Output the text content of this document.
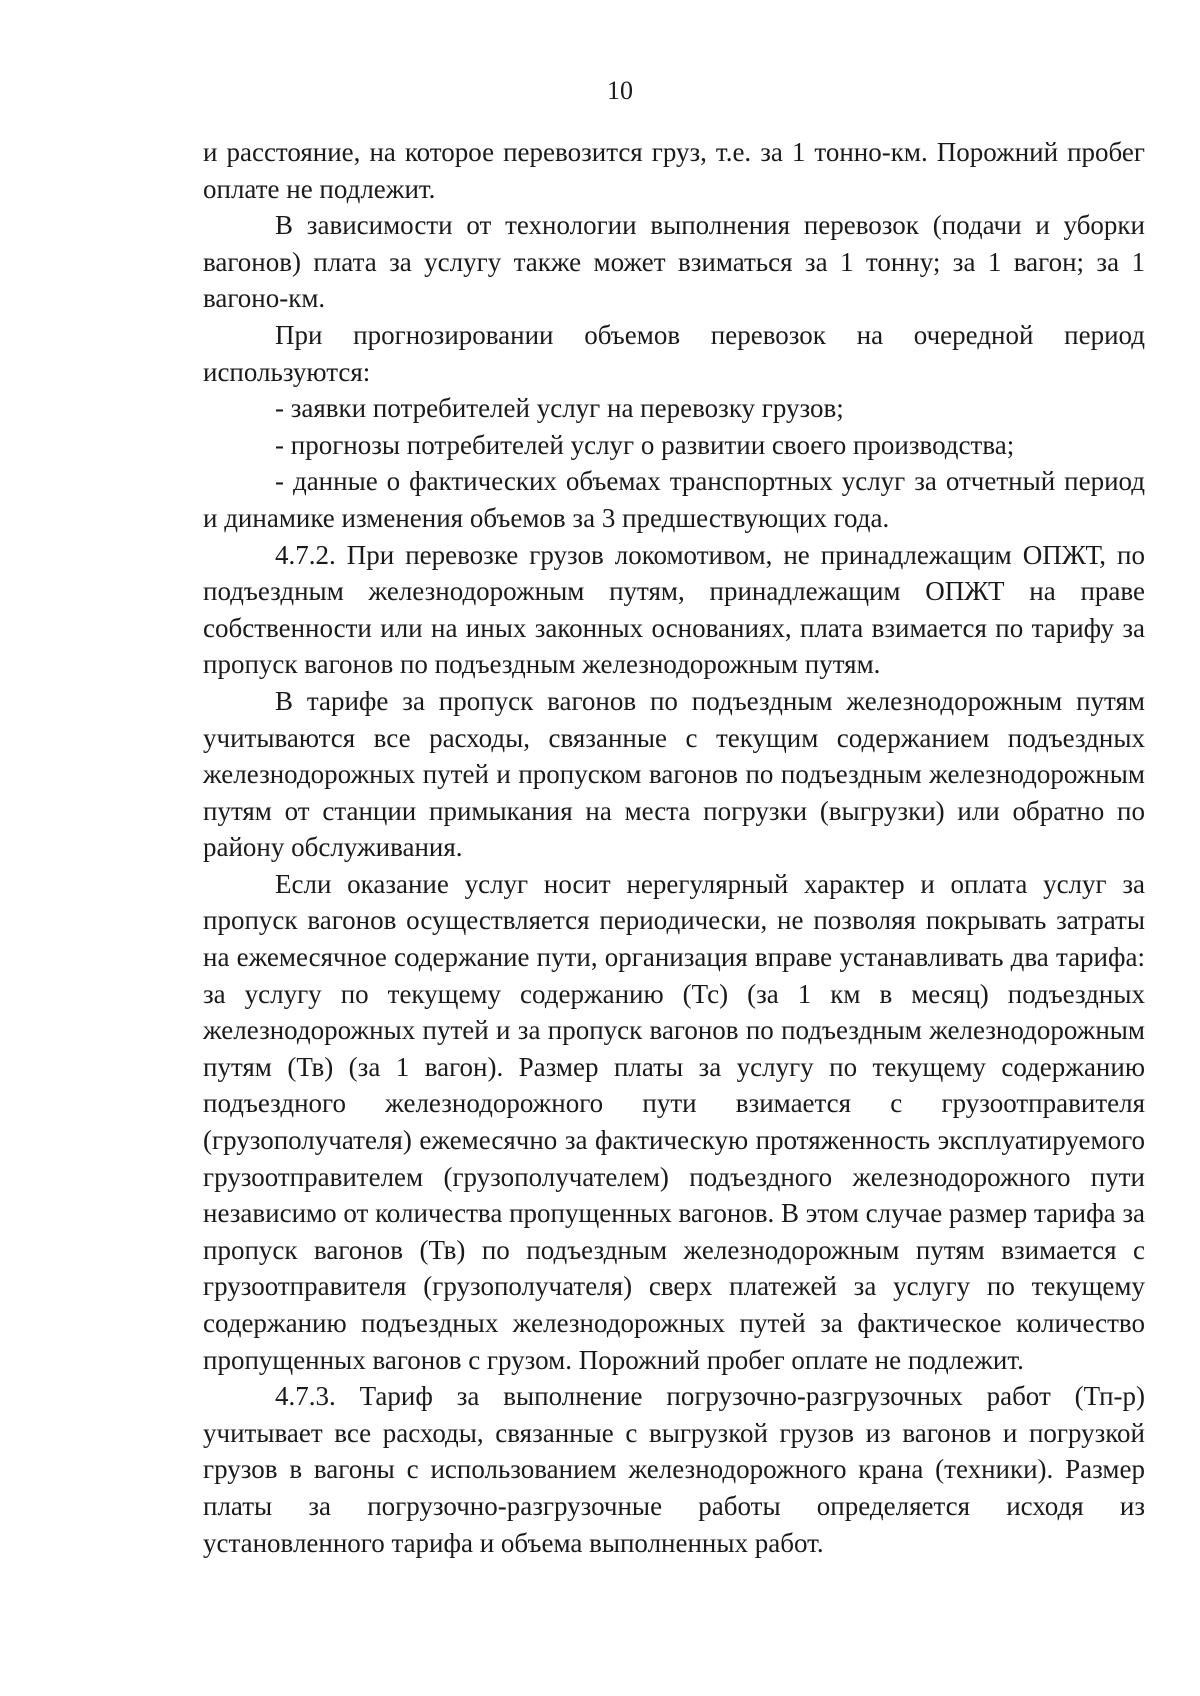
10

и расстояние, на которое перевозится груз, т.е. за 1 тонно-км. Порожний пробег оплате не подлежит.

В зависимости от технологии выполнения перевозок (подачи и уборки вагонов) плата за услугу также может взиматься за 1 тонну; за 1 вагон; за 1 вагоно-км.

При прогнозировании объемов перевозок на очередной период используются:

- заявки потребителей услуг на перевозку грузов;

- прогнозы потребителей услуг о развитии своего производства;

- данные о фактических объемах транспортных услуг за отчетный период и динамике изменения объемов за 3 предшествующих года.

4.7.2. При перевозке грузов локомотивом, не принадлежащим ОПЖТ, по подъездным железнодорожным путям, принадлежащим ОПЖТ на праве собственности или на иных законных основаниях, плата взимается по тарифу за пропуск вагонов по подъездным железнодорожным путям.

В тарифе за пропуск вагонов по подъездным железнодорожным путям учитываются все расходы, связанные с текущим содержанием подъездных железнодорожных путей и пропуском вагонов по подъездным железнодорожным путям от станции примыкания на места погрузки (выгрузки) или обратно по району обслуживания.

Если оказание услуг носит нерегулярный характер и оплата услуг за пропуск вагонов осуществляется периодически, не позволяя покрывать затраты на ежемесячное содержание пути, организация вправе устанавливать два тарифа: за услугу по текущему содержанию (Тс) (за 1 км в месяц) подъездных железнодорожных путей и за пропуск вагонов по подъездным железнодорожным путям (Тв) (за 1 вагон). Размер платы за услугу по текущему содержанию подъездного железнодорожного пути взимается с грузоотправителя (грузополучателя) ежемесячно за фактическую протяженность эксплуатируемого грузоотправителем (грузополучателем) подъездного железнодорожного пути независимо от количества пропущенных вагонов. В этом случае размер тарифа за пропуск вагонов (Тв) по подъездным железнодорожным путям взимается с грузоотправителя (грузополучателя) сверх платежей за услугу по текущему содержанию подъездных железнодорожных путей за фактическое количество пропущенных вагонов с грузом. Порожний пробег оплате не подлежит.

4.7.3. Тариф за выполнение погрузочно-разгрузочных работ (Тп-р) учитывает все расходы, связанные с выгрузкой грузов из вагонов и погрузкой грузов в вагоны с использованием железнодорожного крана (техники). Размер платы за погрузочно-разгрузочные работы определяется исходя из установленного тарифа и объема выполненных работ.
